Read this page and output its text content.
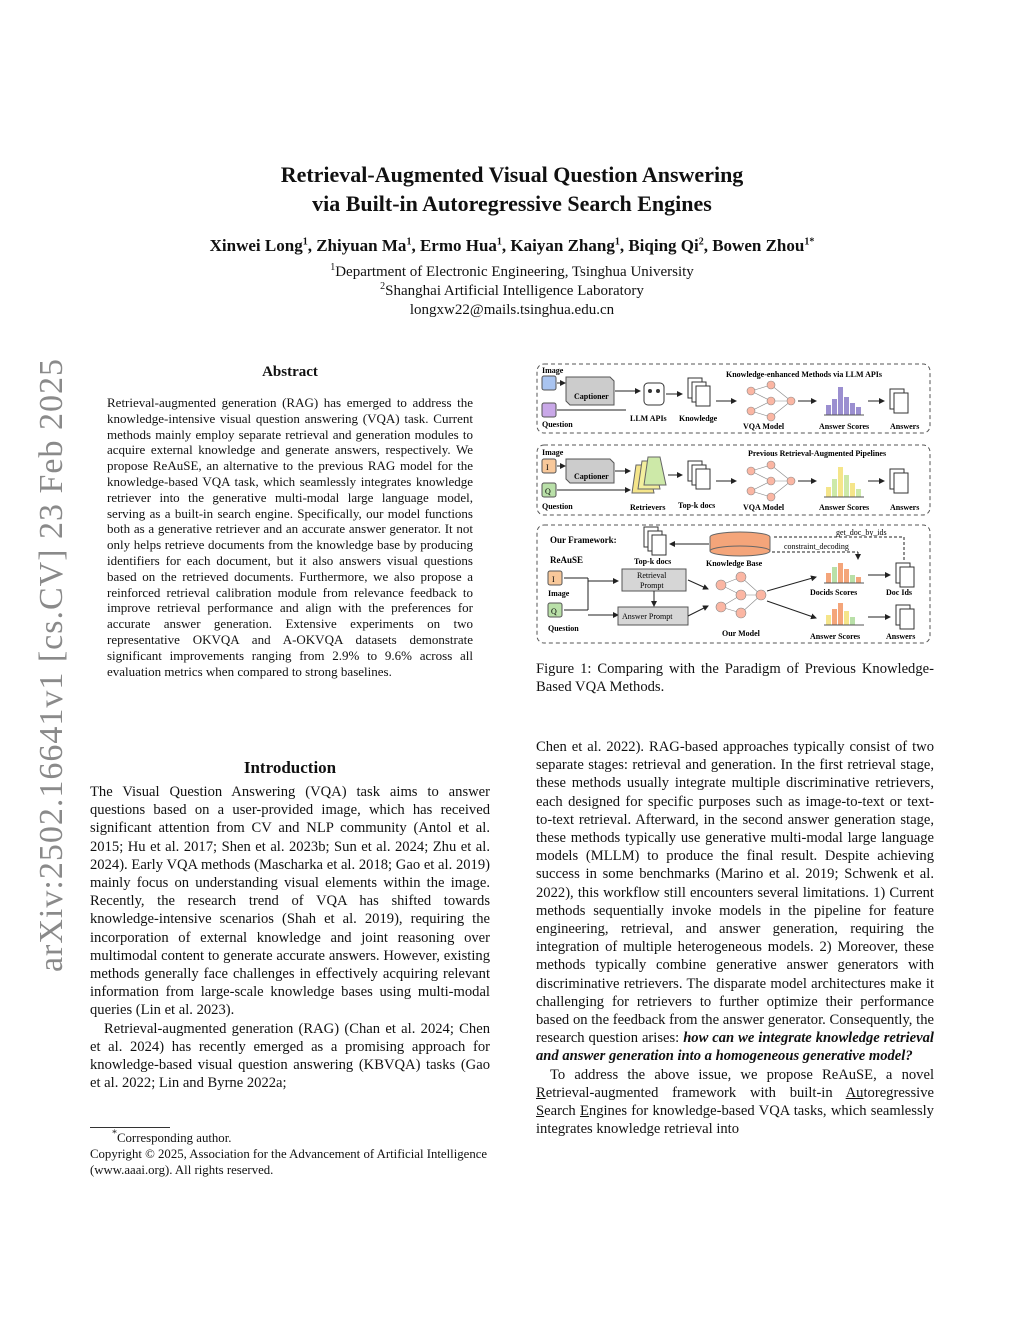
arXiv:2502.16641v1 [cs.CV] 23 Feb 2025
Retrieval-Augmented Visual Question Answering
via Built-in Autoregressive Search Engines
Xinwei Long$^1$, Zhiyuan Ma$^1$, Ermo Hua$^1$, Kaiyan Zhang$^1$, Biqing Qi$^2$, Bowen Zhou$^{1*}$
$^1$Department of Electronic Engineering, Tsinghua University
$^2$Shanghai Artificial Intelligence Laboratory
longxw22@mails.tsinghua.edu.cn
Abstract
Retrieval-augmented generation (RAG) has emerged to address the knowledge-intensive visual question answering (VQA) task. Current methods mainly employ separate retrieval and generation modules to acquire external knowledge and generate answers, respectively. We propose ReAuSE, an alternative to the previous RAG model for the knowledge-based VQA task, which seamlessly integrates knowledge retriever into the generative multi-modal large language model, serving as a built-in search engine. Specifically, our model functions both as a generative retriever and an accurate answer generator. It not only helps retrieve documents from the knowledge base by producing identifiers for each document, but it also answers visual questions based on the retrieved documents. Furthermore, we also propose a reinforced retrieval calibration module from relevance feedback to improve retrieval performance and align with the preferences for accurate answer generation. Extensive experiments on two representative OKVQA and A-OKVQA datasets demonstrate significant improvements ranging from 2.9% to 9.6% across all evaluation metrics when compared to strong baselines.
Introduction

The Visual Question Answering (VQA) task aims to answer questions based on a user-provided image, which has received significant attention from CV and NLP community (Antol et al. 2015; Hu et al. 2017; Shen et al. 2023b; Sun et al. 2024; Zhu et al. 2024). Early VQA methods (Mascharka et al. 2018; Gao et al. 2019) mainly focus on understanding visual elements within the image. Recently, the research trend of VQA has shifted towards knowledge-intensive scenarios (Shah et al. 2019), requiring the incorporation of external knowledge and joint reasoning over multimodal content to generate accurate answers. However, existing methods generally face challenges in effectively acquiring relevant information from large-scale knowledge bases using multi-modal queries (Lin et al. 2023).

Retrieval-augmented generation (RAG) (Chan et al. 2024; Chen et al. 2024) has recently emerged as a promising approach for knowledge-based visual question answering (KBVQA) tasks (Gao et al. 2022; Lin and Byrne 2022a;

*Corresponding author.
Copyright © 2025, Association for the Advancement of Artificial Intelligence (www.aaai.org). All rights reserved.
Image
Question
Captioner
LLM APIs Knowledge
Knowledge-enhanced Methods via LLM APIs
VQA Model	Answer Scores	Answers
Image
I
Q
Question
Captioner
Retrievers Top-k docs
Previous Retrieval-Augmented Pipelines
VQA Model	Answer Scores	Answers
Our Framework:
ReAuSE
I
Image
Q
Question
Top-k docs
Retrieval
Prompt
Answer Prompt
Knowledge Base
get_doc_by_ids
constraint_decoding
Our Model
Docids Scores	Doc Ids
Answer Scores	Answers
Figure 1: Comparing with the Paradigm of Previous Knowledge-Based VQA Methods.

Chen et al. 2022). RAG-based approaches typically consist of two separate stages: retrieval and generation. In the first retrieval stage, these methods usually integrate multiple discriminative retrievers, each designed for specific purposes such as image-to-text or text-to-text retrieval. Afterward, in the second answer generation stage, these methods typically use generative multi-modal large language models (MLLM) to produce the final result. Despite achieving success in some benchmarks (Marino et al. 2019; Schwenk et al. 2022), this workflow still encounters several limitations. 1) Current methods sequentially invoke models in the pipeline for feature engineering, retrieval, and answer generation, requiring the integration of multiple heterogeneous models. 2) Moreover, these methods typically combine generative answer generators with discriminative retrievers. The disparate model architectures make it challenging for retrievers to further optimize their performance based on the feedback from the answer generator. Consequently, the research question arises: how can we integrate knowledge retrieval and answer generation into a homogeneous generative model?

To address the above issue, we propose ReAuSE, a novel Retrieval-augmented framework with built-in Autoregressive Search Engines for knowledge-based VQA tasks, which seamlessly integrates knowledge retrieval into
